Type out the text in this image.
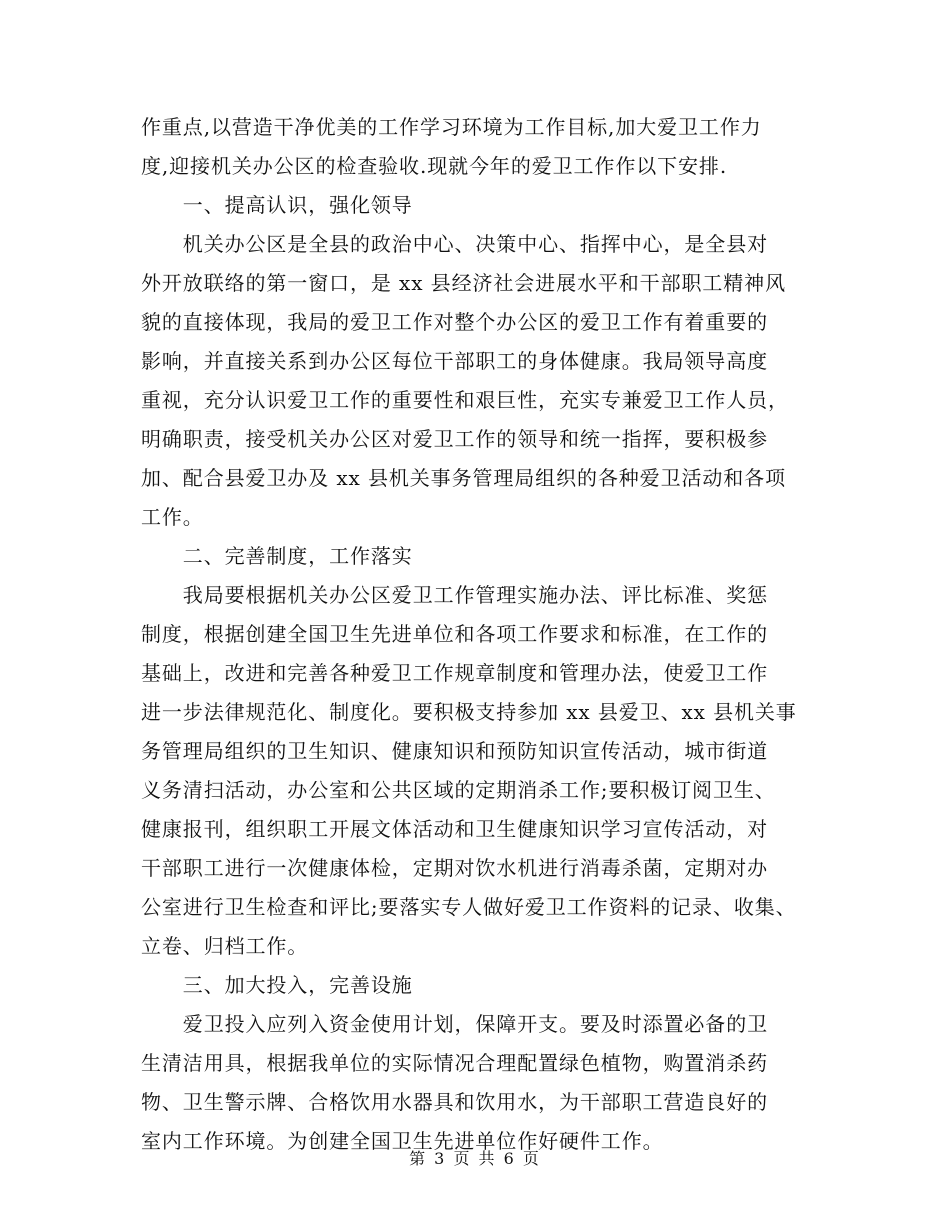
作重点,以营造干净优美的工作学习环境为工作目标,加大爱卫工作力

度,迎接机关办公区的检查验收.现就今年的爱卫工作作以下安排.

　　一、提高认识，强化领导

　　机关办公区是全县的政治中心、决策中心、指挥中心，是全县对

外开放联络的第一窗口，是 xx 县经济社会进展水平和干部职工精神风

貌的直接体现，我局的爱卫工作对整个办公区的爱卫工作有着重要的

影响，并直接关系到办公区每位干部职工的身体健康。我局领导高度

重视，充分认识爱卫工作的重要性和艰巨性，充实专兼爱卫工作人员，

明确职责，接受机关办公区对爱卫工作的领导和统一指挥，要积极参

加、配合县爱卫办及 xx 县机关事务管理局组织的各种爱卫活动和各项

工作。

　　二、完善制度，工作落实

　　我局要根据机关办公区爱卫工作管理实施办法、评比标准、奖惩

制度，根据创建全国卫生先进单位和各项工作要求和标准，在工作的

基础上，改进和完善各种爱卫工作规章制度和管理办法，使爱卫工作

进一步法律规范化、制度化。要积极支持参加 xx 县爱卫、xx 县机关事

务管理局组织的卫生知识、健康知识和预防知识宣传活动，城市街道

义务清扫活动，办公室和公共区域的定期消杀工作;要积极订阅卫生、

健康报刊，组织职工开展文体活动和卫生健康知识学习宣传活动，对

干部职工进行一次健康体检，定期对饮水机进行消毒杀菌，定期对办

公室进行卫生检查和评比;要落实专人做好爱卫工作资料的记录、收集、

立卷、归档工作。

　　三、加大投入，完善设施

　　爱卫投入应列入资金使用计划，保障开支。要及时添置必备的卫

生清洁用具，根据我单位的实际情况合理配置绿色植物，购置消杀药

物、卫生警示牌、合格饮用水器具和饮用水，为干部职工营造良好的

室内工作环境。为创建全国卫生先进单位作好硬件工作。

第 3 页 共 6 页
